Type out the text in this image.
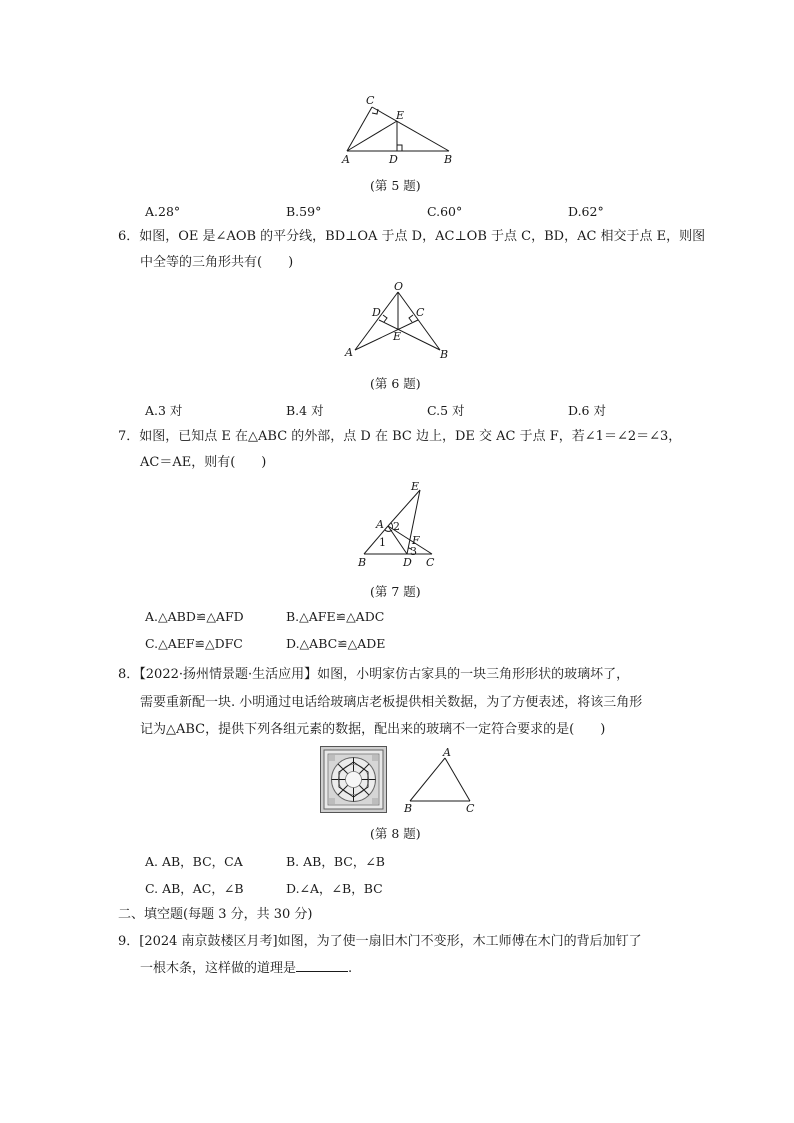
C
E
A	D	B
(第 5 题)
A.28°	B.59°	C.60°	D.62°
6．如图，OE 是∠AOB 的平分线，BD⊥OA 于点 D，AC⊥OB 于点 C，BD，AC 相交于点 E，则图
中全等的三角形共有(　　)
O
D	C
E
A	B
(第 6 题)
A.3 对	B.4 对	C.5 对	D.6 对
7．如图，已知点 E 在△ABC 的外部，点 D 在 BC 边上，DE 交 AC 于点 F，若∠1＝∠2＝∠3，
AC＝AE，则有(　　)
E
A 2
1 F
3
B	D C
(第 7 题)
A.△ABD≌△AFD	B.△AFE≌△ADC
C.△AEF≌△DFC	D.△ABC≌△ADE
8．【2022·扬州情景题·生活应用】如图，小明家仿古家具的一块三角形形状的玻璃坏了，
需要重新配一块. 小明通过电话给玻璃店老板提供相关数据，为了方便表述，将该三角形
记为△ABC，提供下列各组元素的数据，配出来的玻璃不一定符合要求的是(　　)
A
B	C
(第 8 题)
A. AB，BC，CA	B. AB，BC，∠B
C. AB，AC，∠B	D.∠A，∠B，BC
二、填空题(每题 3 分，共 30 分)
9．[2024 南京鼓楼区月考]如图，为了使一扇旧木门不变形，木工师傅在木门的背后加钉了
一根木条，这样做的道理是	.
